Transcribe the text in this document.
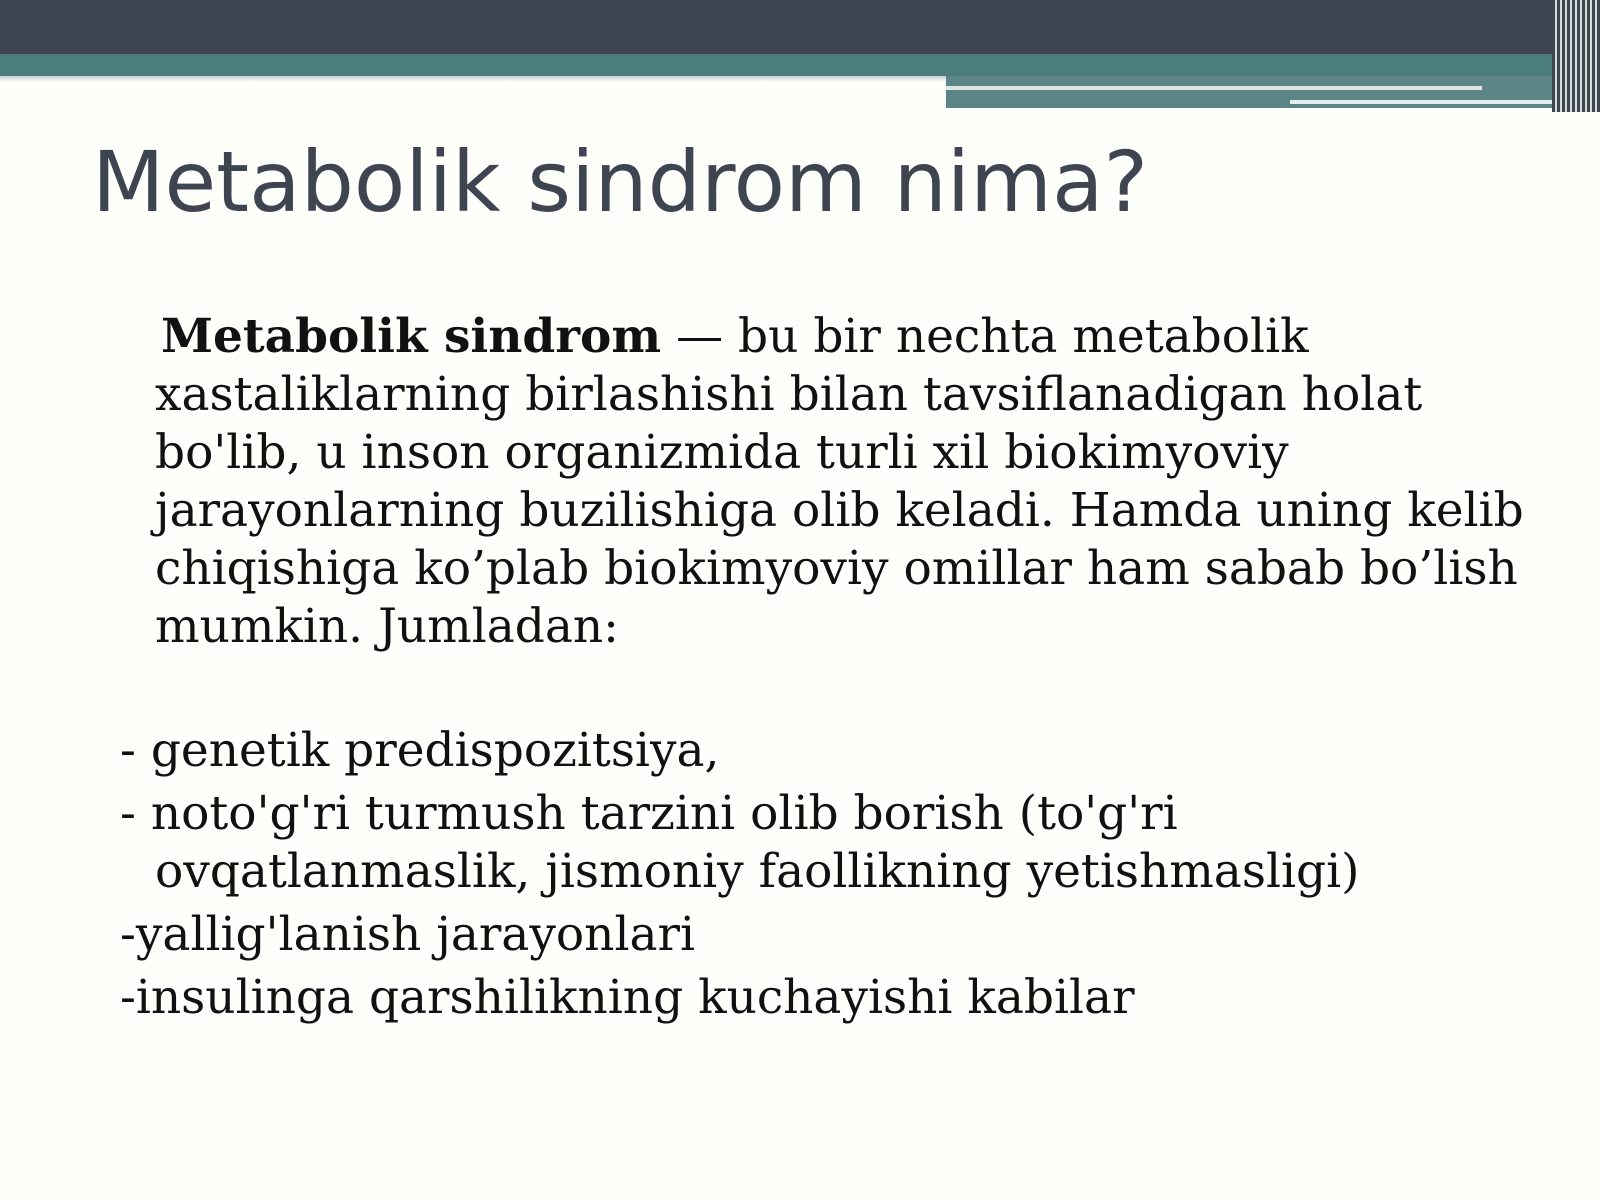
Metabolik sindrom nima?
Metabolik sindrom — bu bir nechta metabolik
xastaliklarning birlashishi bilan tavsiflanadigan holat
bo'lib, u inson organizmida turli xil biokimyoviy
jarayonlarning buzilishiga olib keladi. Hamda uning kelib
chiqishiga ko’plab biokimyoviy omillar ham sabab bo’lish
mumkin. Jumladan:
- genetik predispozitsiya,
- noto'g'ri turmush tarzini olib borish (to'g'ri
ovqatlanmaslik, jismoniy faollikning yetishmasligi)
-yallig'lanish jarayonlari
-insulinga qarshilikning kuchayishi kabilar
